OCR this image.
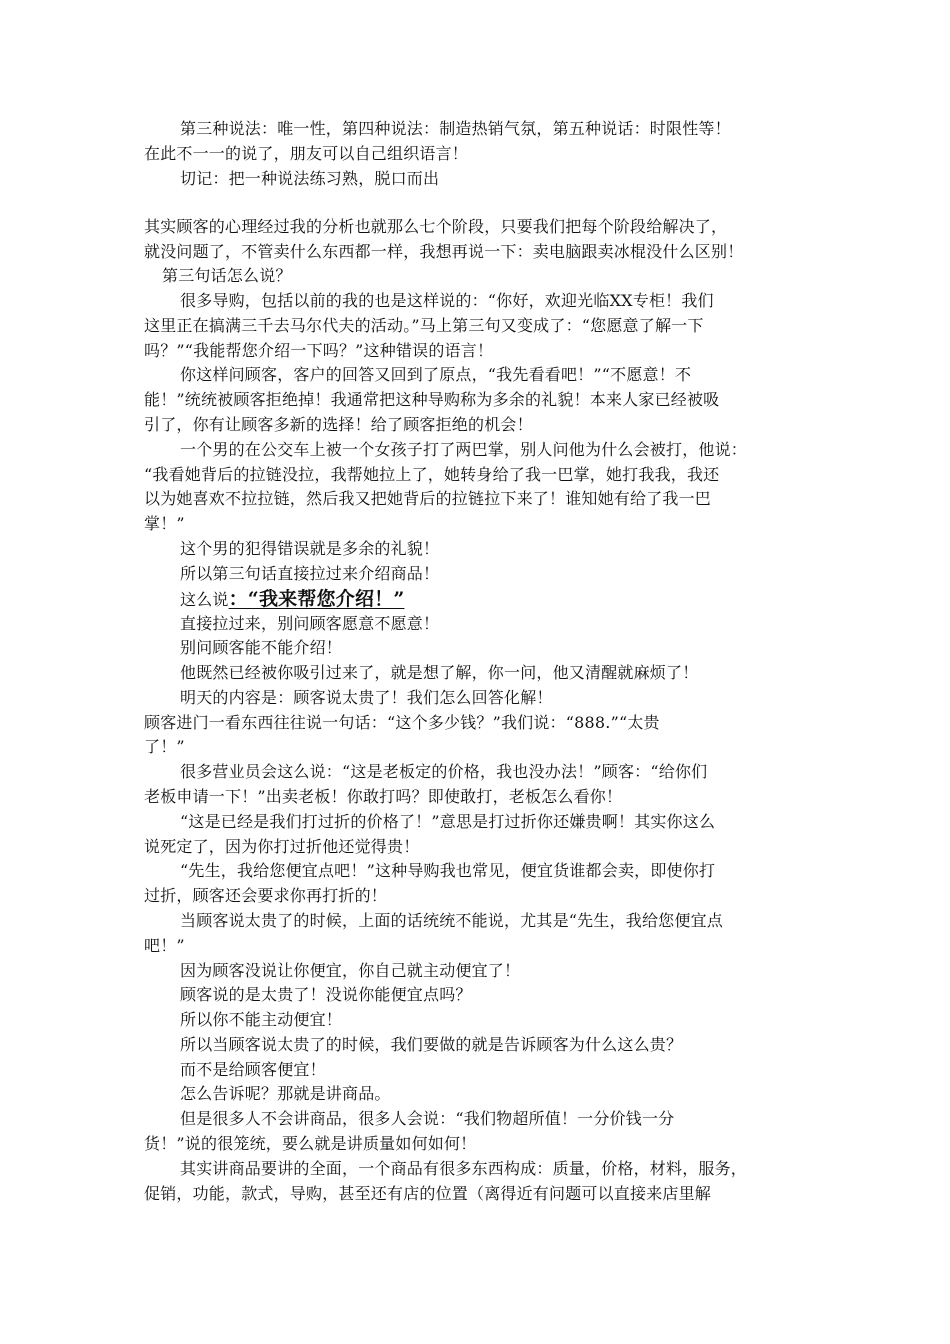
第三种说法：唯一性，第四种说法：制造热销气氛，第五种说话：时限性等！
在此不一一的说了，朋友可以自己组织语言！
切记：把一种说法练习熟，脱口而出
其实顾客的心理经过我的分析也就那么七个阶段，只要我们把每个阶段给解决了，
就没问题了，不管卖什么东西都一样，我想再说一下：卖电脑跟卖冰棍没什么区别！
第三句话怎么说？
很多导购，包括以前的我的也是这样说的：“你好，欢迎光临XX专柜！我们
这里正在搞满三千去马尔代夫的活动。”马上第三句又变成了：“您愿意了解一下
吗？”“我能帮您介绍一下吗？”这种错误的语言！
你这样问顾客，客户的回答又回到了原点，“我先看看吧！”“不愿意！不
能！”统统被顾客拒绝掉！我通常把这种导购称为多余的礼貌！本来人家已经被吸
引了，你有让顾客多新的选择！给了顾客拒绝的机会！
一个男的在公交车上被一个女孩子打了两巴掌，别人问他为什么会被打，他说：
“我看她背后的拉链没拉，我帮她拉上了，她转身给了我一巴掌，她打我我，我还
以为她喜欢不拉拉链，然后我又把她背后的拉链拉下来了！谁知她有给了我一巴
掌！”
这个男的犯得错误就是多余的礼貌！
所以第三句话直接拉过来介绍商品！
这么说：“我来帮您介绍！”
直接拉过来，别问顾客愿意不愿意！
别问顾客能不能介绍！
他既然已经被你吸引过来了，就是想了解，你一问，他又清醒就麻烦了！
明天的内容是：顾客说太贵了！我们怎么回答化解！
顾客进门一看东西往往说一句话：“这个多少钱？”我们说：“888.”“太贵
了！”
很多营业员会这么说：“这是老板定的价格，我也没办法！”顾客：“给你们
老板申请一下！”出卖老板！你敢打吗？即使敢打，老板怎么看你！
“这是已经是我们打过折的价格了！”意思是打过折你还嫌贵啊！其实你这么
说死定了，因为你打过折他还觉得贵！
“先生，我给您便宜点吧！”这种导购我也常见，便宜货谁都会卖，即使你打
过折，顾客还会要求你再打折的！
当顾客说太贵了的时候，上面的话统统不能说，尤其是“先生，我给您便宜点
吧！”
因为顾客没说让你便宜，你自己就主动便宜了！
顾客说的是太贵了！没说你能便宜点吗？
所以你不能主动便宜！
所以当顾客说太贵了的时候，我们要做的就是告诉顾客为什么这么贵？
而不是给顾客便宜！
怎么告诉呢？那就是讲商品。
但是很多人不会讲商品，很多人会说：“我们物超所值！一分价钱一分
货！”说的很笼统，要么就是讲质量如何如何！
其实讲商品要讲的全面，一个商品有很多东西构成：质量，价格，材料，服务，
促销，功能，款式，导购，甚至还有店的位置（离得近有问题可以直接来店里解
